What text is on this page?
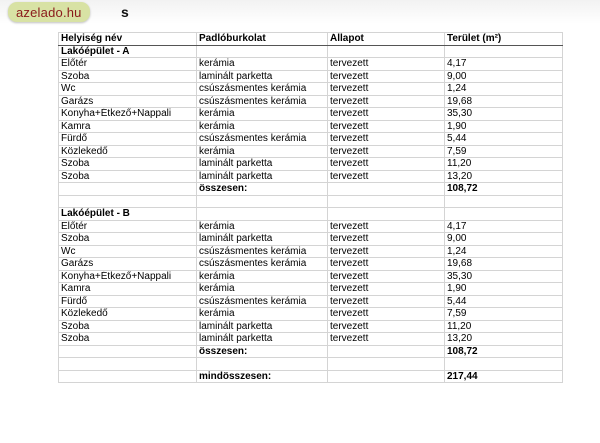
azelado.hu	s
Helyiség név	Padlóburkolat	Állapot	Terület (m²)
Lakóépület - A			
Előtér	kerámia	tervezett	4,17
Szoba	laminált parketta	tervezett	9,00
Wc	csúszásmentes kerámia	tervezett	1,24
Garázs	csúszásmentes kerámia	tervezett	19,68
Konyha+Étkező+Nappali	kerámia	tervezett	35,30
Kamra	kerámia	tervezett	1,90
Fürdő	csúszásmentes kerámia	tervezett	5,44
Közlekedő	kerámia	tervezett	7,59
Szoba	laminált parketta	tervezett	11,20
Szoba	laminált parketta	tervezett	13,20
	összesen:		108,72

Lakóépület - B			
Előtér	kerámia	tervezett	4,17
Szoba	laminált parketta	tervezett	9,00
Wc	csúszásmentes kerámia	tervezett	1,24
Garázs	csúszásmentes kerámia	tervezett	19,68
Konyha+Étkező+Nappali	kerámia	tervezett	35,30
Kamra	kerámia	tervezett	1,90
Fürdő	csúszásmentes kerámia	tervezett	5,44
Közlekedő	kerámia	tervezett	7,59
Szoba	laminált parketta	tervezett	11,20
Szoba	laminált parketta	tervezett	13,20
	összesen:		108,72

	mindösszesen:		217,44
